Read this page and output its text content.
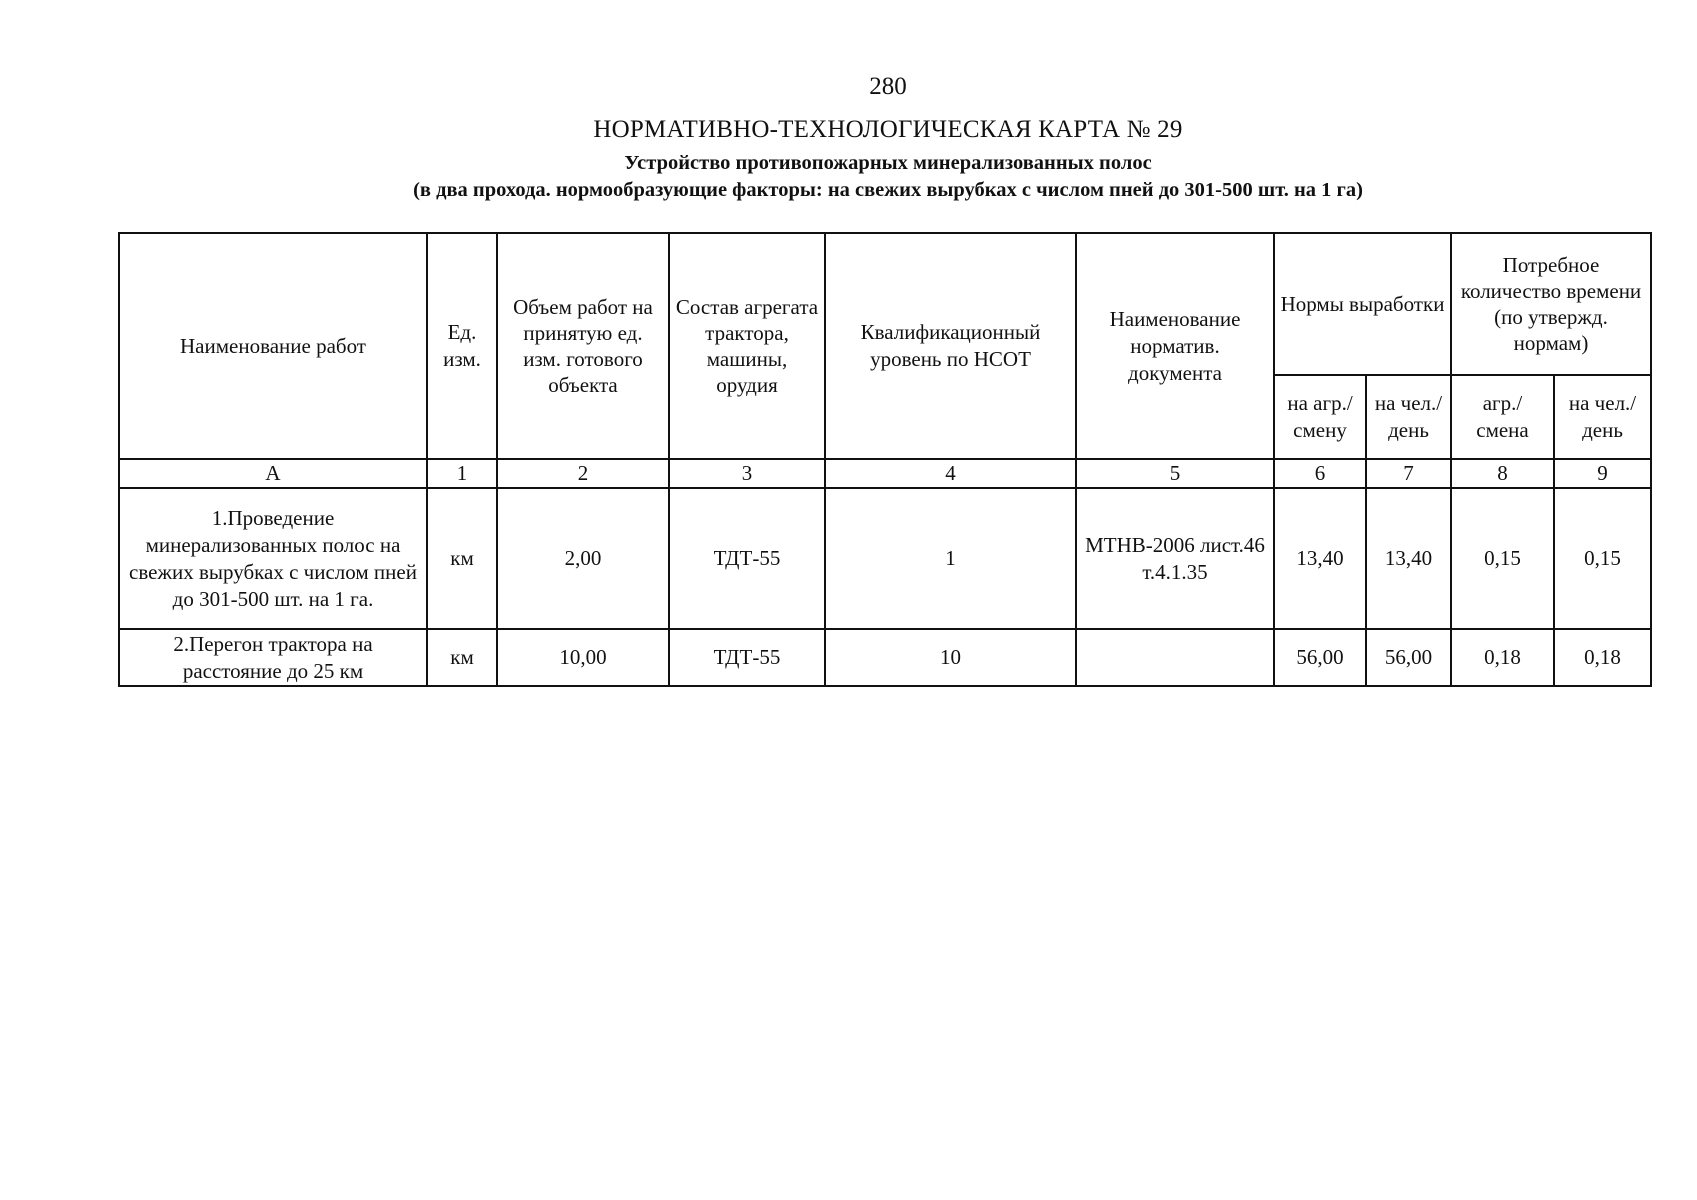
280
НОРМАТИВНО-ТЕХНОЛОГИЧЕСКАЯ КАРТА № 29
Устройство противопожарных минерализованных полос
(в два прохода. нормообразующие факторы: на свежих вырубках с числом пней до 301-500 шт. на 1 га)
Наименование работ	Ед. изм.	Объем работ на принятую ед. изм. готового объекта	Состав агрегата трактора, машины, орудия	Квалификационный уровень по НСОТ	Наименование норматив. документа	Нормы выработки		Потребное количество времени (по утвержд. нормам)	
						на агр./ смену	на чел./ день	агр./ смена	на чел./ день
А	1	2	3	4	5	6	7	8	9
1.Проведение минерализованных полос на свежих вырубках с числом пней до 301-500 шт. на 1 га.	км	2,00	ТДТ-55	1	МТНВ-2006 лист.46 т.4.1.35	13,40	13,40	0,15	0,15
2.Перегон трактора на расстояние до 25 км	км	10,00	ТДТ-55	10		56,00	56,00	0,18	0,18
